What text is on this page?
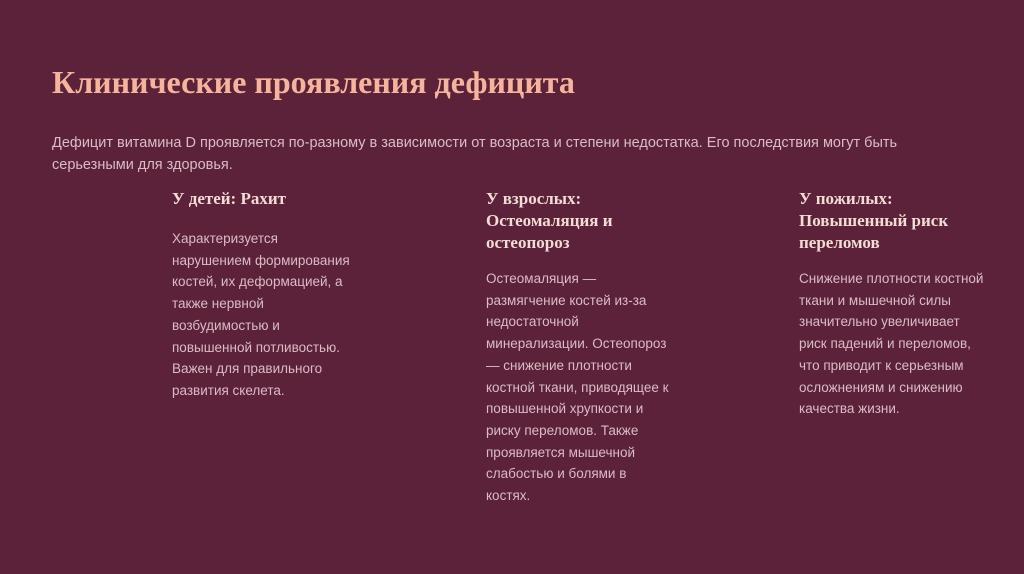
Клинические проявления дефицита

Дефицит витамина D проявляется по-разному в зависимости от возраста и степени недостатка. Его последствия могут быть серьезными для здоровья.

У детей: Рахит

Характеризуется нарушением формирования костей, их деформацией, а также нервной возбудимостью и повышенной потливостью. Важен для правильного развития скелета.

У взрослых: Остеомаляция и остеопороз

Остеомаляция — размягчение костей из-за недостаточной минерализации. Остеопороз — снижение плотности костной ткани, приводящее к повышенной хрупкости и риску переломов. Также проявляется мышечной слабостью и болями в костях.

У пожилых: Повышенный риск переломов

Снижение плотности костной ткани и мышечной силы значительно увеличивает риск падений и переломов, что приводит к серьезным осложнениям и снижению качества жизни.
